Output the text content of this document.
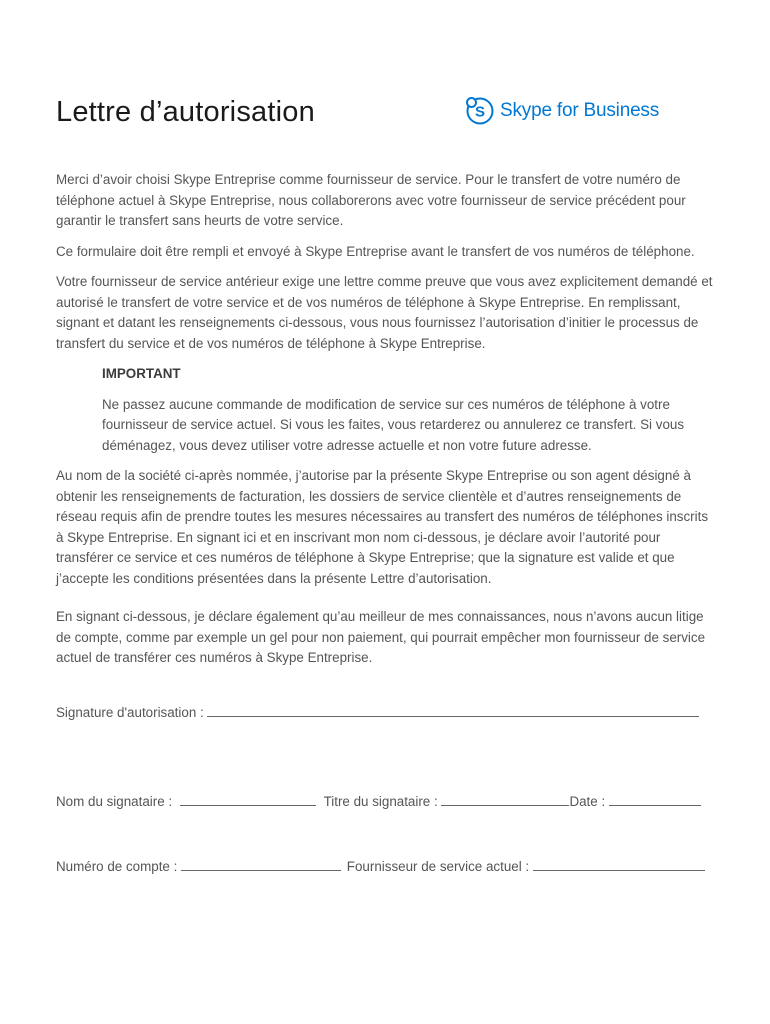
Lettre d’autorisation	S Skype for Business

Merci d’avoir choisi Skype Entreprise comme fournisseur de service. Pour le transfert de votre numéro de téléphone actuel à Skype Entreprise, nous collaborerons avec votre fournisseur de service précédent pour garantir le transfert sans heurts de votre service.

Ce formulaire doit être rempli et envoyé à Skype Entreprise avant le transfert de vos numéros de téléphone.

Votre fournisseur de service antérieur exige une lettre comme preuve que vous avez explicitement demandé et autorisé le transfert de votre service et de vos numéros de téléphone à Skype Entreprise. En remplissant, signant et datant les renseignements ci-dessous, vous nous fournissez l’autorisation d’initier le processus de transfert du service et de vos numéros de téléphone à Skype Entreprise.

IMPORTANT
Ne passez aucune commande de modification de service sur ces numéros de téléphone à votre fournisseur de service actuel. Si vous les faites, vous retarderez ou annulerez ce transfert. Si vous déménagez, vous devez utiliser votre adresse actuelle et non votre future adresse.

Au nom de la société ci-après nommée, j’autorise par la présente Skype Entreprise ou son agent désigné à obtenir les renseignements de facturation, les dossiers de service clientèle et d’autres renseignements de réseau requis afin de prendre toutes les mesures nécessaires au transfert des numéros de téléphones inscrits à Skype Entreprise. En signant ici et en inscrivant mon nom ci-dessous, je déclare avoir l’autorité pour transférer ce service et ces numéros de téléphone à Skype Entreprise; que la signature est valide et que j’accepte les conditions présentées dans la présente Lettre d’autorisation.

En signant ci-dessous, je déclare également qu’au meilleur de mes connaissances, nous n’avons aucun litige de compte, comme par exemple un gel pour non paiement, qui pourrait empêcher mon fournisseur de service actuel de transférer ces numéros à Skype Entreprise.

Signature d'autorisation :
Nom du signataire :	Titre du signataire :	Date :
Numéro de compte :	Fournisseur de service actuel :
